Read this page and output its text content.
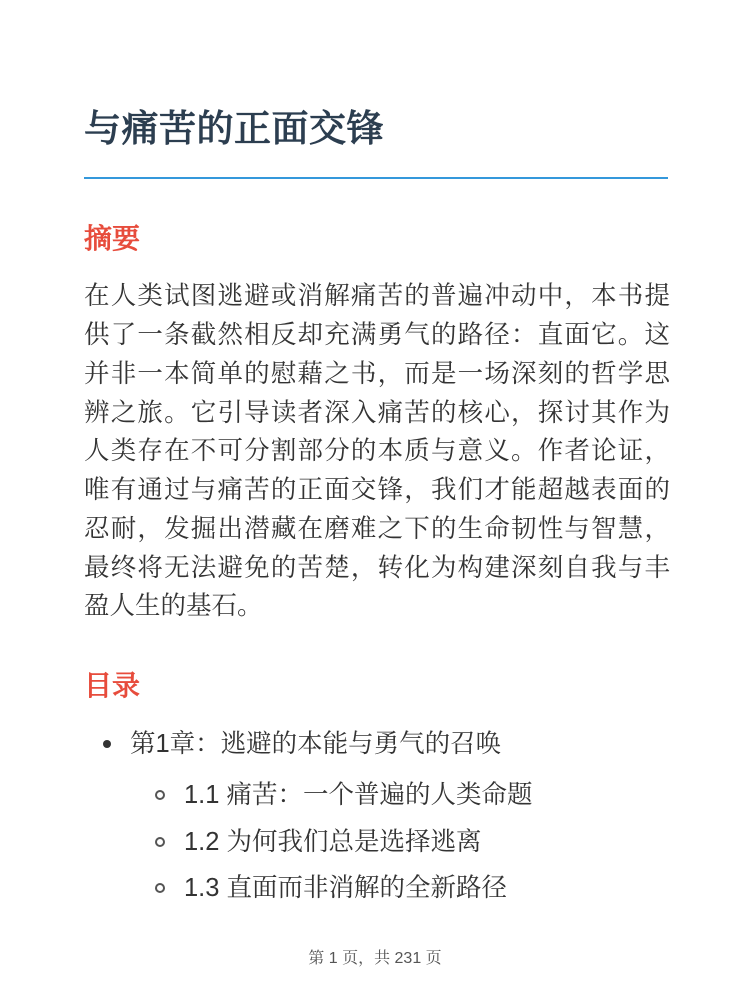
与痛苦的正面交锋
摘要

在人类试图逃避或消解痛苦的普遍冲动中，本书提供了一条截然相反却充满勇气的路径：直面它。这并非一本简单的慰藉之书，而是一场深刻的哲学思辨之旅。它引导读者深入痛苦的核心，探讨其作为人类存在不可分割部分的本质与意义。作者论证，唯有通过与痛苦的正面交锋，我们才能超越表面的忍耐，发掘出潜藏在磨难之下的生命韧性与智慧，最终将无法避免的苦楚，转化为构建深刻自我与丰盈人生的基石。

目录
第1章：逃避的本能与勇气的召唤
1.1 痛苦：一个普遍的人类命题
1.2 为何我们总是选择逃离
1.3 直面而非消解的全新路径
第 1 页，共 231 页
